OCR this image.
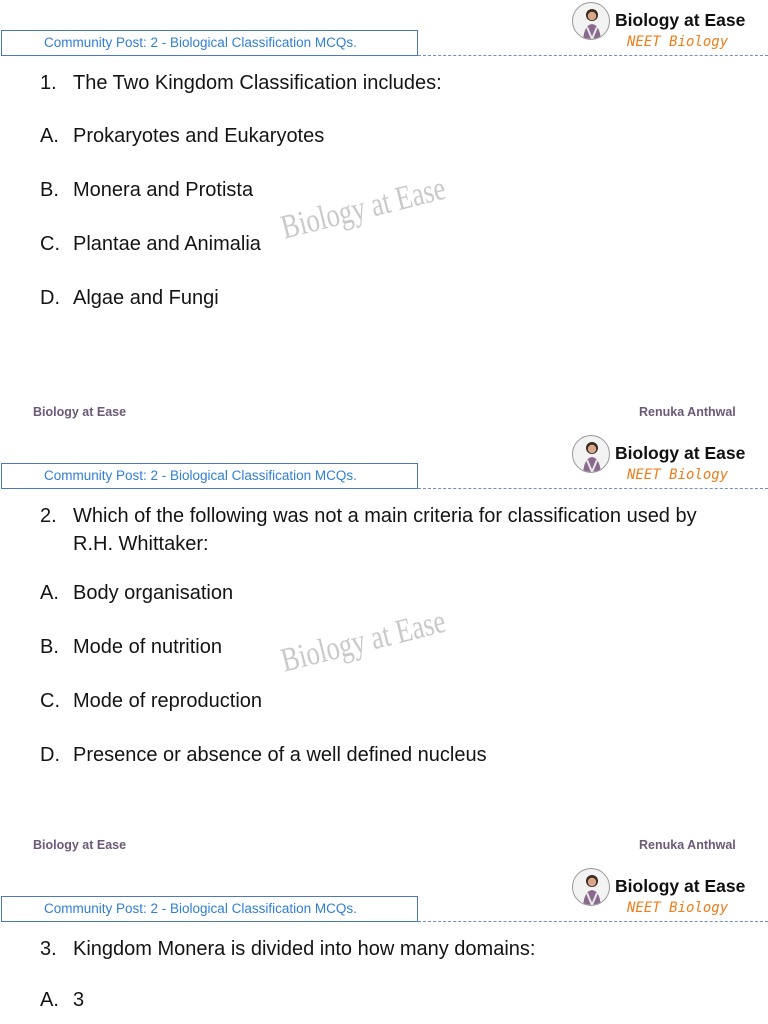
Community Post: 2 - Biological Classification MCQs.
Biology at Ease
NEET Biology
1. The Two Kingdom Classification includes:
A. Prokaryotes and Eukaryotes
B. Monera and Protista
C. Plantae and Animalia
D. Algae and Fungi
Biology at Ease
Biology at Ease	Renuka Anthwal
Community Post: 2 - Biological Classification MCQs.
Biology at Ease
NEET Biology
2. Which of the following was not a main criteria for classification used by R.H. Whittaker:
A. Body organisation
B. Mode of nutrition
C. Mode of reproduction
D. Presence or absence of a well defined nucleus
Biology at Ease
Biology at Ease	Renuka Anthwal
Community Post: 2 - Biological Classification MCQs.
Biology at Ease
NEET Biology
3. Kingdom Monera is divided into how many domains:
A. 3
